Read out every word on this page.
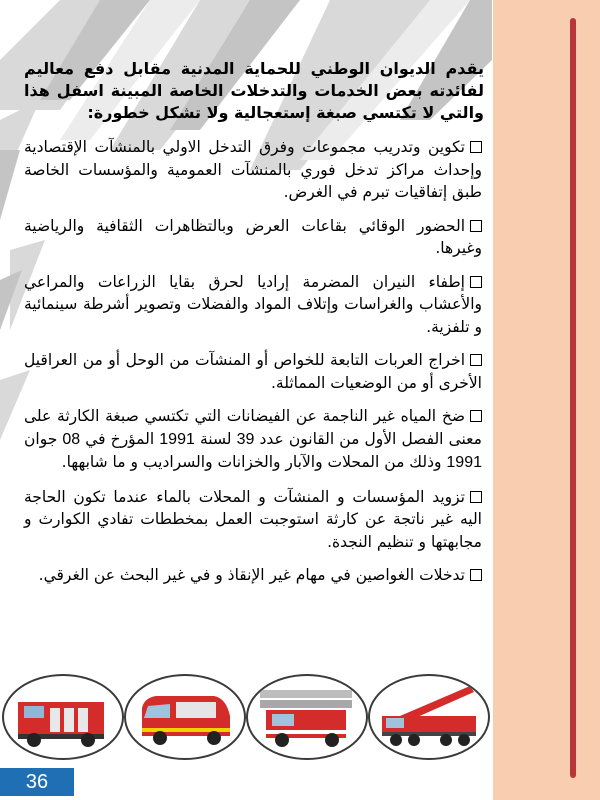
يقدم الديوان الوطني للحماية المدنية مقابل دفع معاليم لفائدته بعض الخدمات والتدخلات الخاصة المبينة اسفل هذا والتي لا تكتسي صبغة إستعجالية ولا تشكل خطورة:

تكوين وتدريب مجموعات وفرق التدخل الاولي بالمنشآت الإقتصادية وإحداث مراكز تدخل فوري بالمنشآت العمومية والمؤسسات الخاصة طبق إتفاقيات تبرم في الغرض.

الحضور الوقائي بقاعات العرض وبالتظاهرات الثقافية والرياضية وغيرها.

إطفاء النيران المضرمة إراديا لحرق بقايا الزراعات والمراعي والأعشاب والغراسات وإتلاف المواد والفضلات وتصوير أشرطة سينمائية و تلفزية.

اخراج العربات التابعة للخواص أو المنشآت من الوحل أو من العراقيل الأخرى أو من الوضعيات المماثلة.

ضخ المياه غير الناجمة عن الفيضانات التي تكتسي صبغة الكارثة على معنى الفصل الأول من القانون عدد 39 لسنة 1991 المؤرخ في 08 جوان 1991 وذلك من المحلات والآبار والخزانات والسراديب و ما شابهها.

تزويد المؤسسات و المنشآت و المحلات بالماء عندما تكون الحاجة اليه غير ناتجة عن كارثة استوجبت العمل بمخططات تفادي الكوارث و مجابهتها و تنظيم النجدة.

تدخلات الغواصين في مهام غير الإنقاذ و في غير البحث عن الغرقي.

36
